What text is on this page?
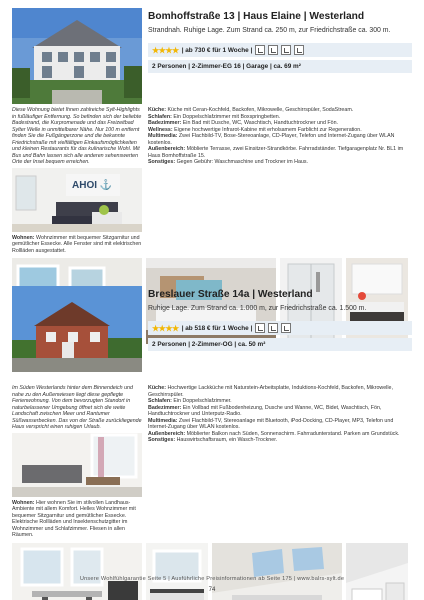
Bomhoffstraße 13 | Haus Elaine | Westerland
Strandnah. Ruhige Lage. Zum Strand ca. 250 m, zur Friedrichstraße ca. 300 m.
★★★★ | ab 730 € für 1 Woche |
2 Personen | 2-Zimmer-EG 16 | Garage | ca. 69 m²
Diese Wohnung bietet Ihnen zahlreiche Sylt-Highlights in fußläufiger Entfernung. So befinden sich der beliebte Badestrand, die Kurpromenade und das Freizeitbad Sylter Welle in unmittelbarer Nähe. Nur 100 m entfernt finden Sie die Fußgängerzone und die bekannte Friedrichstraße mit vielfältigen Einkaufsmöglichkeiten und kleinen Restaurants für das kulinarische Wohl. Mit Bus und Bahn lassen sich alle anderen sehenswerten Orte der Insel bequem erreichen.
AHOI ⚓
Wohnen: Wohnzimmer mit bequemer Sitzgarnitur und gemütlicher Essecke. Alle Fenster sind mit elektrischen Rollläden ausgestattet.
Küche: Küche mit Ceran-Kochfeld, Backofen, Mikrowelle, Geschirrspüler, SodaStream.
Schlafen: Ein Doppelschlafzimmer mit Boxspringbetten.
Badezimmer: Ein Bad mit Dusche, WC, Waschtisch, Handtuchtrockner und Fön.
Wellness: Eigene hochwertige Infrarot-Kabine mit erholsamem Farblicht zur Regeneration.
Multimedia: Zwei Flachbild-TV, Bose-Stereoanlage, CD-Player, Telefon und Internet-Zugang über WLAN kostenlos.
Außenbereich: Möblierte Terrasse, zwei Einsitzer-Strandkörbe. Fahrradständer. Tiefgaragenplatz Nr. BL1 im Haus Bomhoffstraße 15.
Sonstiges: Gegen Gebühr: Waschmaschine und Trockner im Haus.
Breslauer Straße 14a | Westerland
Ruhige Lage. Zum Strand ca. 1.000 m, zur Friedrichstraße ca. 1.500 m.
★★★★ | ab 518 € für 1 Woche |
2 Personen | 2-Zimmer-OG | ca. 50 m²
Im Süden Westerlands hinter dem Binnendeich und nahe zu den Außenwiesen liegt diese gepflegte Ferienwohnung. Von dem bevorzugten Standort in naturbelassener Umgebung öffnet sich die weite Landschaft zwischen Meer und Rantumer Süßwasserbecken. Das von der Straße zurückliegende Haus verspricht einen ruhigen Urlaub.
Wohnen: Hier wohnen Sie im stilvollen Landhaus-Ambiente mit allem Komfort. Helles Wohnzimmer mit bequemer Sitzgarnitur und gemütlicher Essecke. Elektrische Rollläden und Insektenschutzgitter im Wohnzimmer und Schlafzimmer. Fliesen in allen Räumen.
Küche: Hochwertige Lackküche mit Naturstein-Arbeitsplatte, Induktions-Kochfeld, Backofen, Mikrowelle, Geschirrspüler.
Schlafen: Ein Doppelschlafzimmer.
Badezimmer: Ein Vollbad mit Fußbodenheizung, Dusche und Wanne, WC, Bidet, Waschtisch, Fön, Handtuchtrockner und Unterputz-Radio.
Multimedia: Zwei Flachbild-TV, Stereoanlage mit Bluetooth, iPod-Docking, CD-Player, MP3, Telefon und Internet-Zugang über WLAN kostenlos.
Außenbereich: Möblierter Balkon nach Süden, Sonnenschirm. Fahrradunterstand. Parken am Grundstück.
Sonstiges: Hauswirtschaftsraum, ein Wasch-Trockner.
Unsere Wohlfühlgarantie Seite 5 | Ausführliche Preisinformationen ab Seite 175 | www.balrs-sylt.de
74
